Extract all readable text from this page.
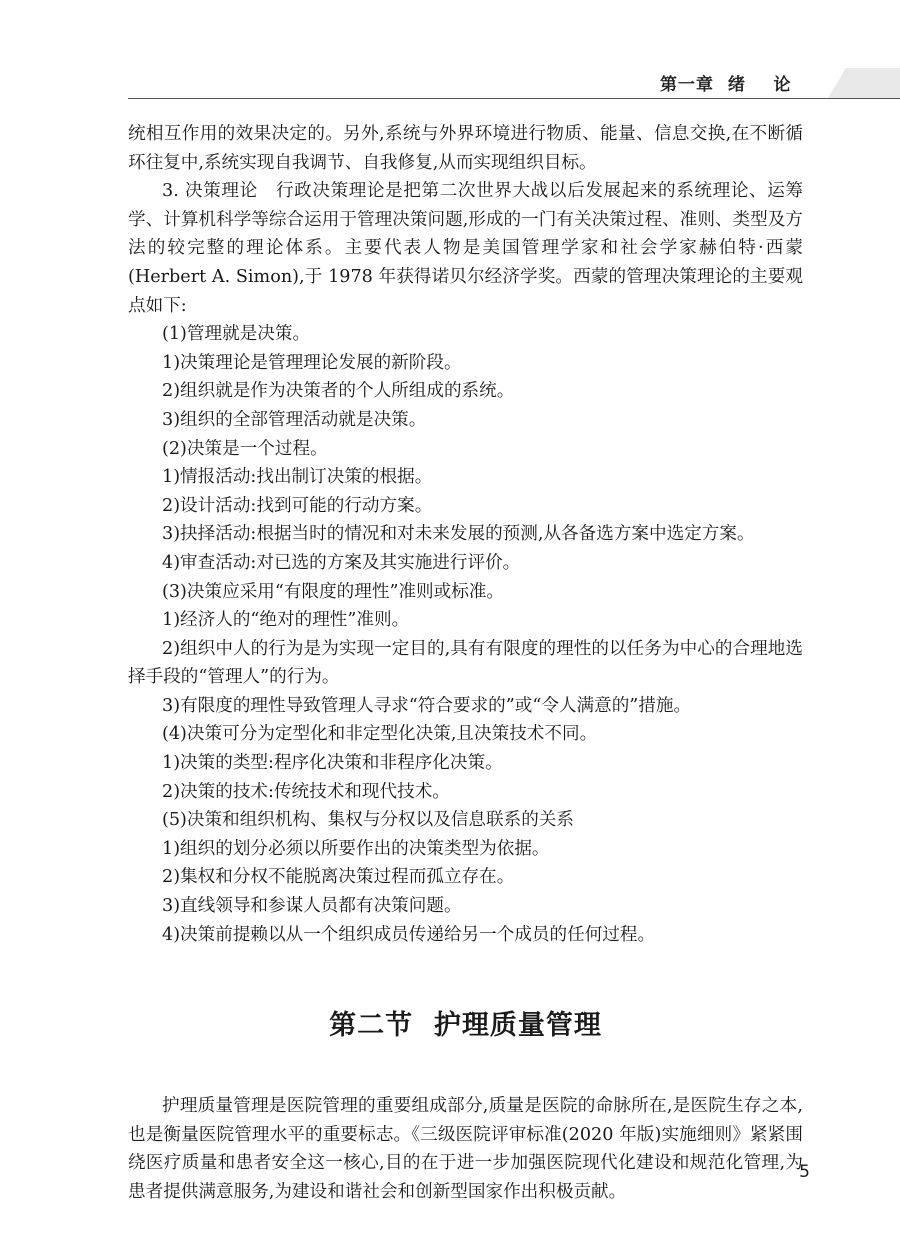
第一章  绪    论

统相互作用的效果决定的。另外,系统与外界环境进行物质、能量、信息交换,在不断循环往复中,系统实现自我调节、自我修复,从而实现组织目标。

3. 决策理论　行政决策理论是把第二次世界大战以后发展起来的系统理论、运筹学、计算机科学等综合运用于管理决策问题,形成的一门有关决策过程、准则、类型及方法的较完整的理论体系。主要代表人物是美国管理学家和社会学家赫伯特·西蒙(Herbert A. Simon),于 1978 年获得诺贝尔经济学奖。西蒙的管理决策理论的主要观点如下:

(1)管理就是决策。

1)决策理论是管理理论发展的新阶段。

2)组织就是作为决策者的个人所组成的系统。

3)组织的全部管理活动就是决策。

(2)决策是一个过程。

1)情报活动:找出制订决策的根据。

2)设计活动:找到可能的行动方案。

3)抉择活动:根据当时的情况和对未来发展的预测,从各备选方案中选定方案。

4)审查活动:对已选的方案及其实施进行评价。

(3)决策应采用“有限度的理性”准则或标准。

1)经济人的“绝对的理性”准则。

2)组织中人的行为是为实现一定目的,具有有限度的理性的以任务为中心的合理地选择手段的“管理人”的行为。

3)有限度的理性导致管理人寻求“符合要求的”或“令人满意的”措施。

(4)决策可分为定型化和非定型化决策,且决策技术不同。

1)决策的类型:程序化决策和非程序化决策。

2)决策的技术:传统技术和现代技术。

(5)决策和组织机构、集权与分权以及信息联系的关系

1)组织的划分必须以所要作出的决策类型为依据。

2)集权和分权不能脱离决策过程而孤立存在。

3)直线领导和参谋人员都有决策问题。

4)决策前提赖以从一个组织成员传递给另一个成员的任何过程。

第二节  护理质量管理

护理质量管理是医院管理的重要组成部分,质量是医院的命脉所在,是医院生存之本,也是衡量医院管理水平的重要标志。《三级医院评审标准(2020 年版)实施细则》紧紧围绕医疗质量和患者安全这一核心,目的在于进一步加强医院现代化建设和规范化管理,为患者提供满意服务,为建设和谐社会和创新型国家作出积极贡献。

5
